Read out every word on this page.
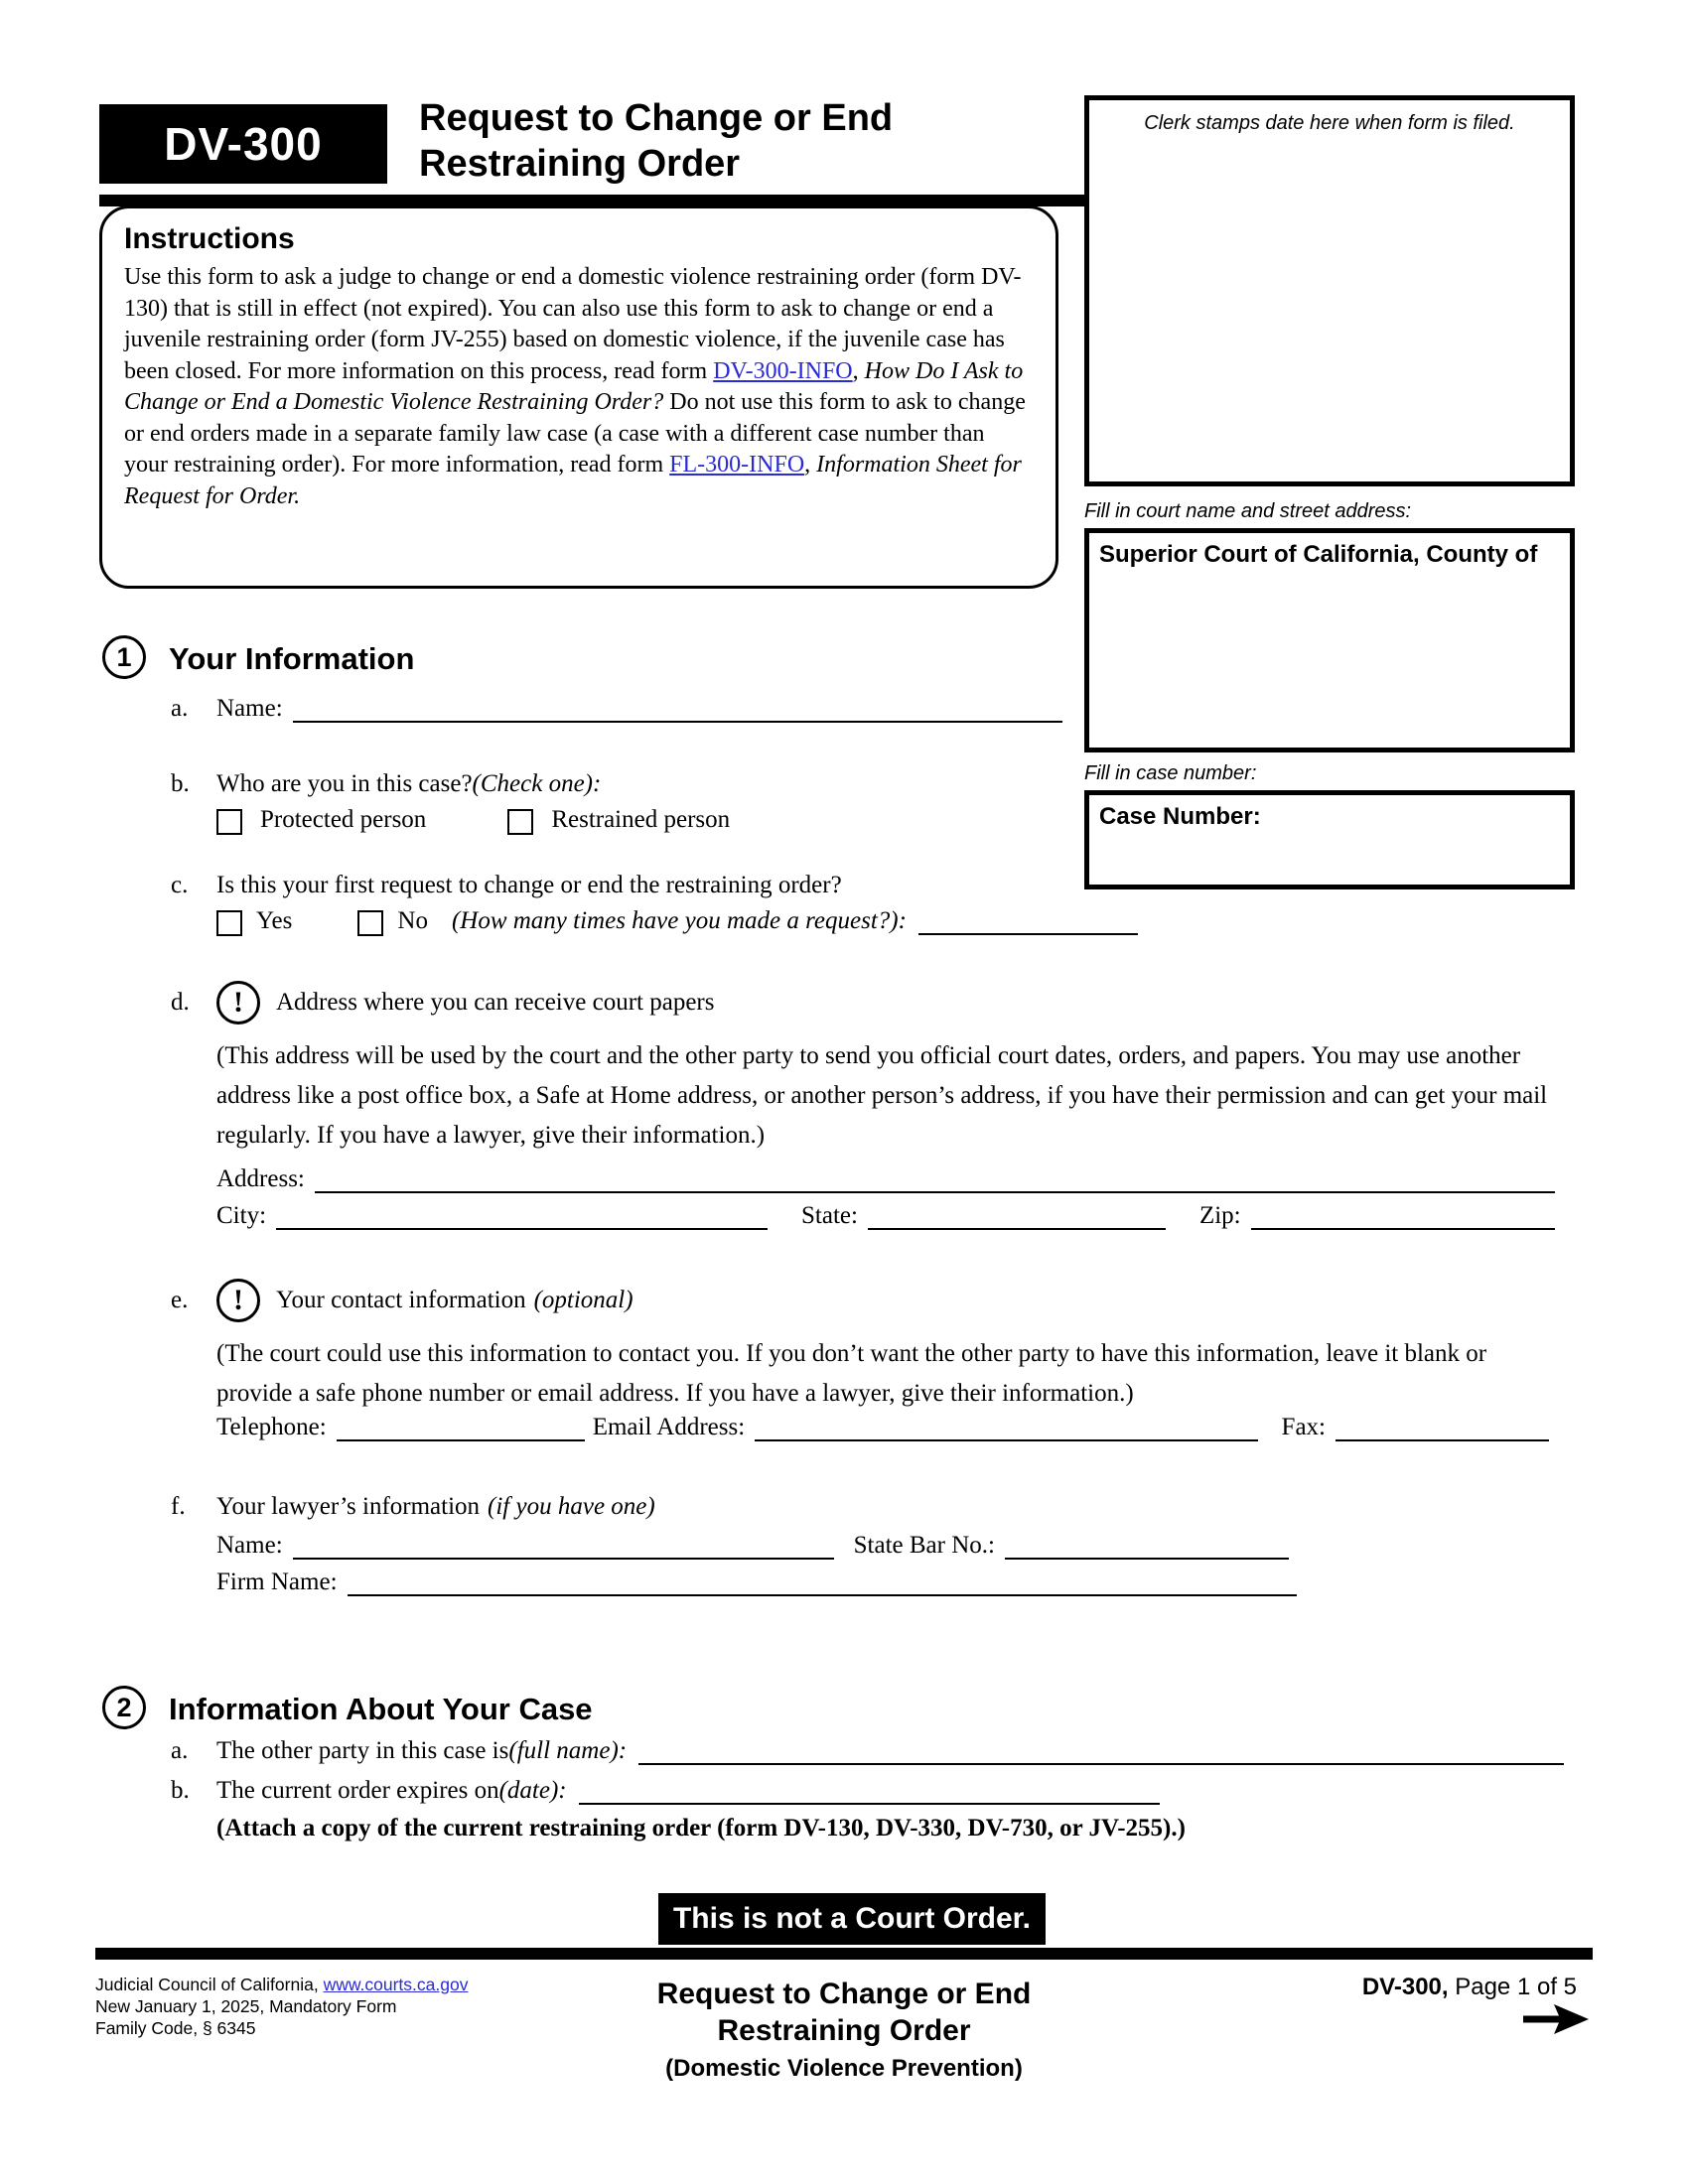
DV-300	Request to Change or End
Restraining Order
Clerk stamps date here when form is filed.
Fill in court name and street address:
Superior Court of California, County of
Fill in case number:
Case Number:
Instructions
Use this form to ask a judge to change or end a domestic violence restraining order (form DV-130) that is still in effect (not expired). You can also use this form to ask to change or end a juvenile restraining order (form JV-255) based on domestic violence, if the juvenile case has been closed. For more information on this process, read form DV-300-INFO, How Do I Ask to Change or End a Domestic Violence Restraining Order? Do not use this form to ask to change or end orders made in a separate family law case (a case with a different case number than your restraining order). For more information, read form FL-300-INFO, Information Sheet for Request for Order.
1 Your Information
a.	Name:
b.	Who are you in this case? (Check one):
Protected person	Restrained person
c.	Is this your first request to change or end the restraining order?
Yes	No (How many times have you made a request?):
d.	! Address where you can receive court papers
(This address will be used by the court and the other party to send you official court dates, orders, and papers. You may use another address like a post office box, a Safe at Home address, or another person’s address, if you have their permission and can get your mail regularly. If you have a lawyer, give their information.)
Address:
City:	State:	Zip:
e.	! Your contact information (optional)
(The court could use this information to contact you. If you don’t want the other party to have this information, leave it blank or provide a safe phone number or email address. If you have a lawyer, give their information.)
Telephone:	Email Address:	Fax:
f.	Your lawyer’s information (if you have one)
Name:	State Bar No.:
Firm Name:
2 Information About Your Case
a.	The other party in this case is (full name):
b.	The current order expires on (date):
(Attach a copy of the current restraining order (form DV-130, DV-330, DV-730, or JV-255).)
This is not a Court Order.
Judicial Council of California, www.courts.ca.gov
New January 1, 2025, Mandatory Form
Family Code, § 6345
Request to Change or End
Restraining Order
(Domestic Violence Prevention)
DV-300, Page 1 of 5
